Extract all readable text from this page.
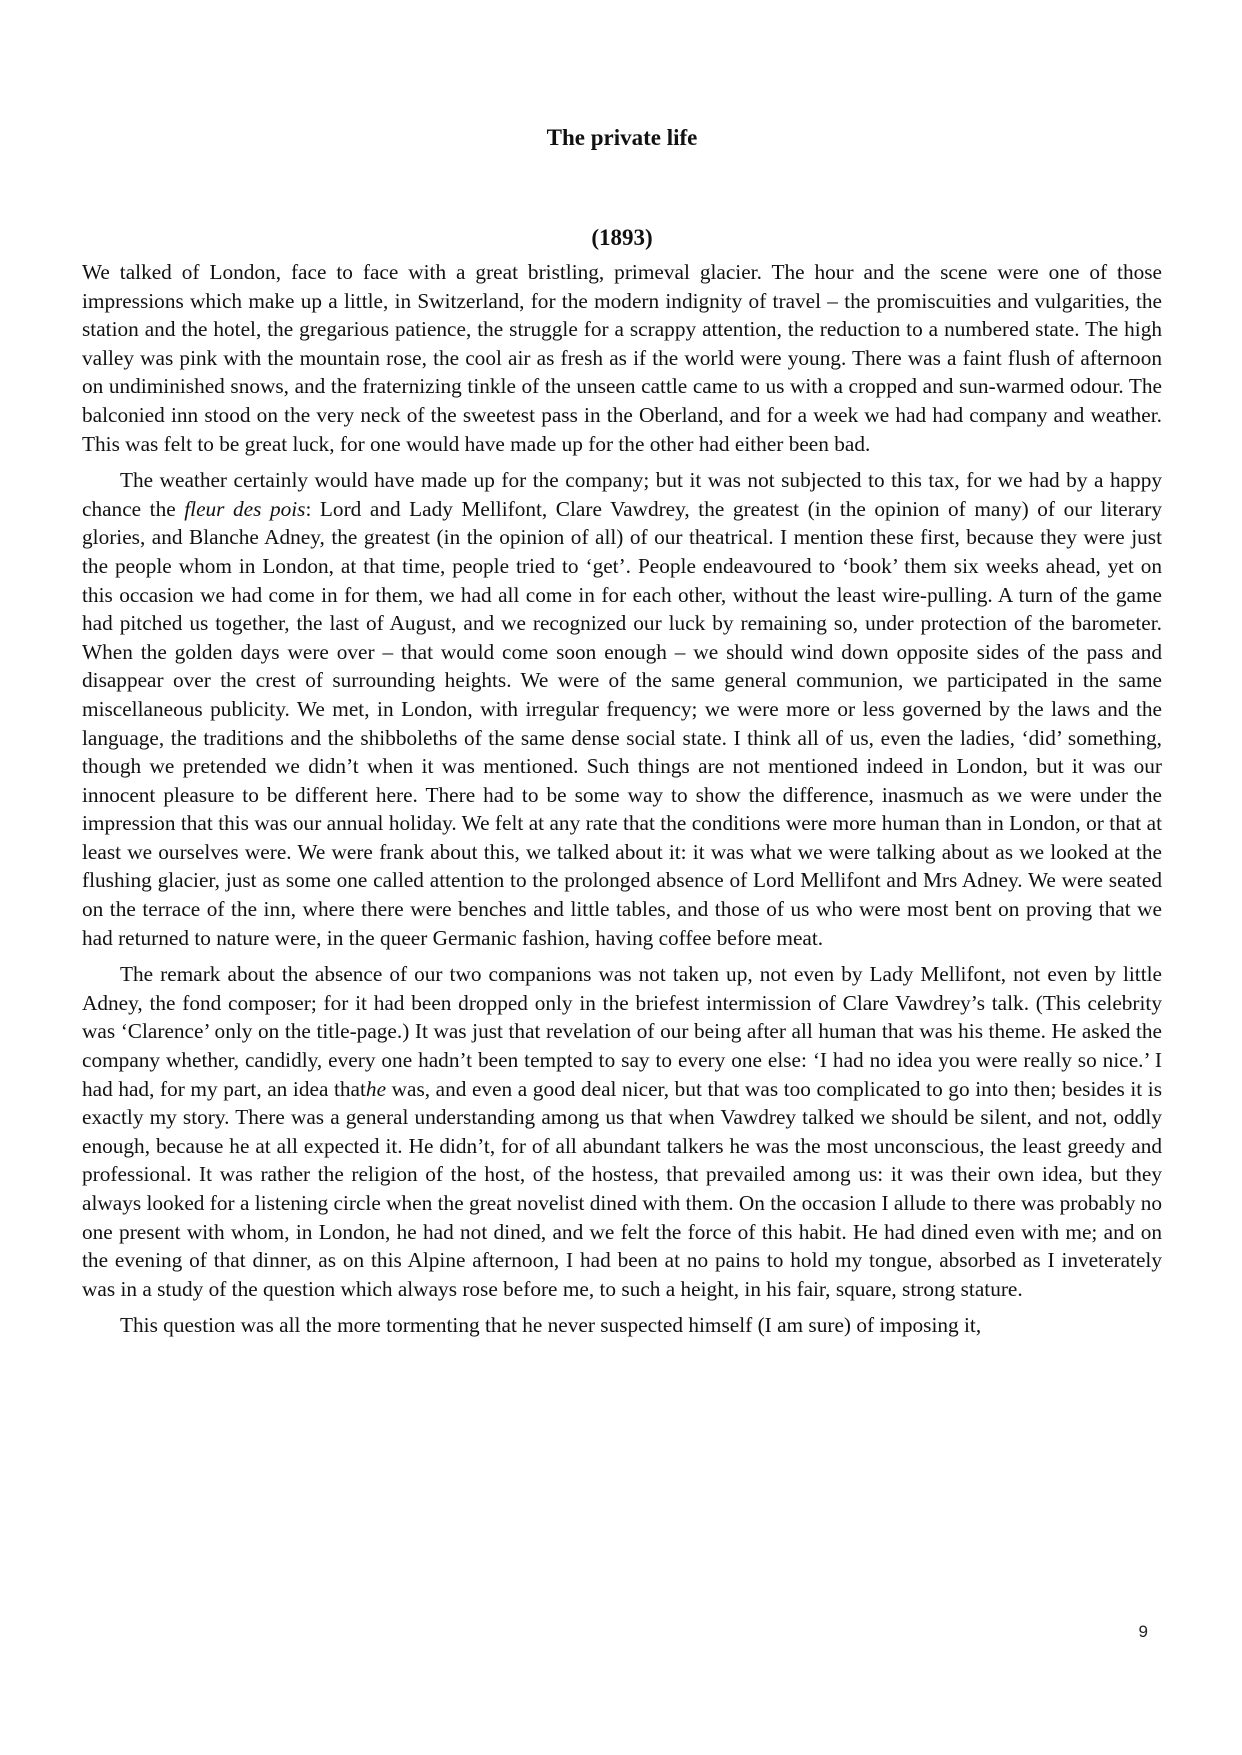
The private life
(1893)

We talked of London, face to face with a great bristling, primeval glacier. The hour and the scene were one of those impressions which make up a little, in Switzerland, for the modern indignity of travel – the promiscuities and vulgarities, the station and the hotel, the gregarious patience, the struggle for a scrappy attention, the reduction to a numbered state. The high valley was pink with the mountain rose, the cool air as fresh as if the world were young. There was a faint flush of afternoon on undiminished snows, and the fraternizing tinkle of the unseen cattle came to us with a cropped and sun-warmed odour. The balconied inn stood on the very neck of the sweetest pass in the Oberland, and for a week we had had company and weather. This was felt to be great luck, for one would have made up for the other had either been bad.

The weather certainly would have made up for the company; but it was not subjected to this tax, for we had by a happy chance the fleur des pois: Lord and Lady Mellifont, Clare Vawdrey, the greatest (in the opinion of many) of our literary glories, and Blanche Adney, the greatest (in the opinion of all) of our theatrical. I mention these first, because they were just the people whom in London, at that time, people tried to ‘get’. People endeavoured to ‘book’ them six weeks ahead, yet on this occasion we had come in for them, we had all come in for each other, without the least wire-pulling. A turn of the game had pitched us together, the last of August, and we recognized our luck by remaining so, under protection of the barometer. When the golden days were over – that would come soon enough – we should wind down opposite sides of the pass and disappear over the crest of surrounding heights. We were of the same general communion, we participated in the same miscellaneous publicity. We met, in London, with irregular frequency; we were more or less governed by the laws and the language, the traditions and the shibboleths of the same dense social state. I think all of us, even the ladies, ‘did’ something, though we pretended we didn’t when it was mentioned. Such things are not mentioned indeed in London, but it was our innocent pleasure to be different here. There had to be some way to show the difference, inasmuch as we were under the impression that this was our annual holiday. We felt at any rate that the conditions were more human than in London, or that at least we ourselves were. We were frank about this, we talked about it: it was what we were talking about as we looked at the flushing glacier, just as some one called attention to the prolonged absence of Lord Mellifont and Mrs Adney. We were seated on the terrace of the inn, where there were benches and little tables, and those of us who were most bent on proving that we had returned to nature were, in the queer Germanic fashion, having coffee before meat.

The remark about the absence of our two companions was not taken up, not even by Lady Mellifont, not even by little Adney, the fond composer; for it had been dropped only in the briefest intermission of Clare Vawdrey’s talk. (This celebrity was ‘Clarence’ only on the title-page.) It was just that revelation of our being after all human that was his theme. He asked the company whether, candidly, every one hadn’t been tempted to say to every one else: ‘I had no idea you were really so nice.’ I had had, for my part, an idea thathe was, and even a good deal nicer, but that was too complicated to go into then; besides it is exactly my story. There was a general understanding among us that when Vawdrey talked we should be silent, and not, oddly enough, because he at all expected it. He didn’t, for of all abundant talkers he was the most unconscious, the least greedy and professional. It was rather the religion of the host, of the hostess, that prevailed among us: it was their own idea, but they always looked for a listening circle when the great novelist dined with them. On the occasion I allude to there was probably no one present with whom, in London, he had not dined, and we felt the force of this habit. He had dined even with me; and on the evening of that dinner, as on this Alpine afternoon, I had been at no pains to hold my tongue, absorbed as I inveterately was in a study of the question which always rose before me, to such a height, in his fair, square, strong stature.

This question was all the more tormenting that he never suspected himself (I am sure) of imposing it,

9
